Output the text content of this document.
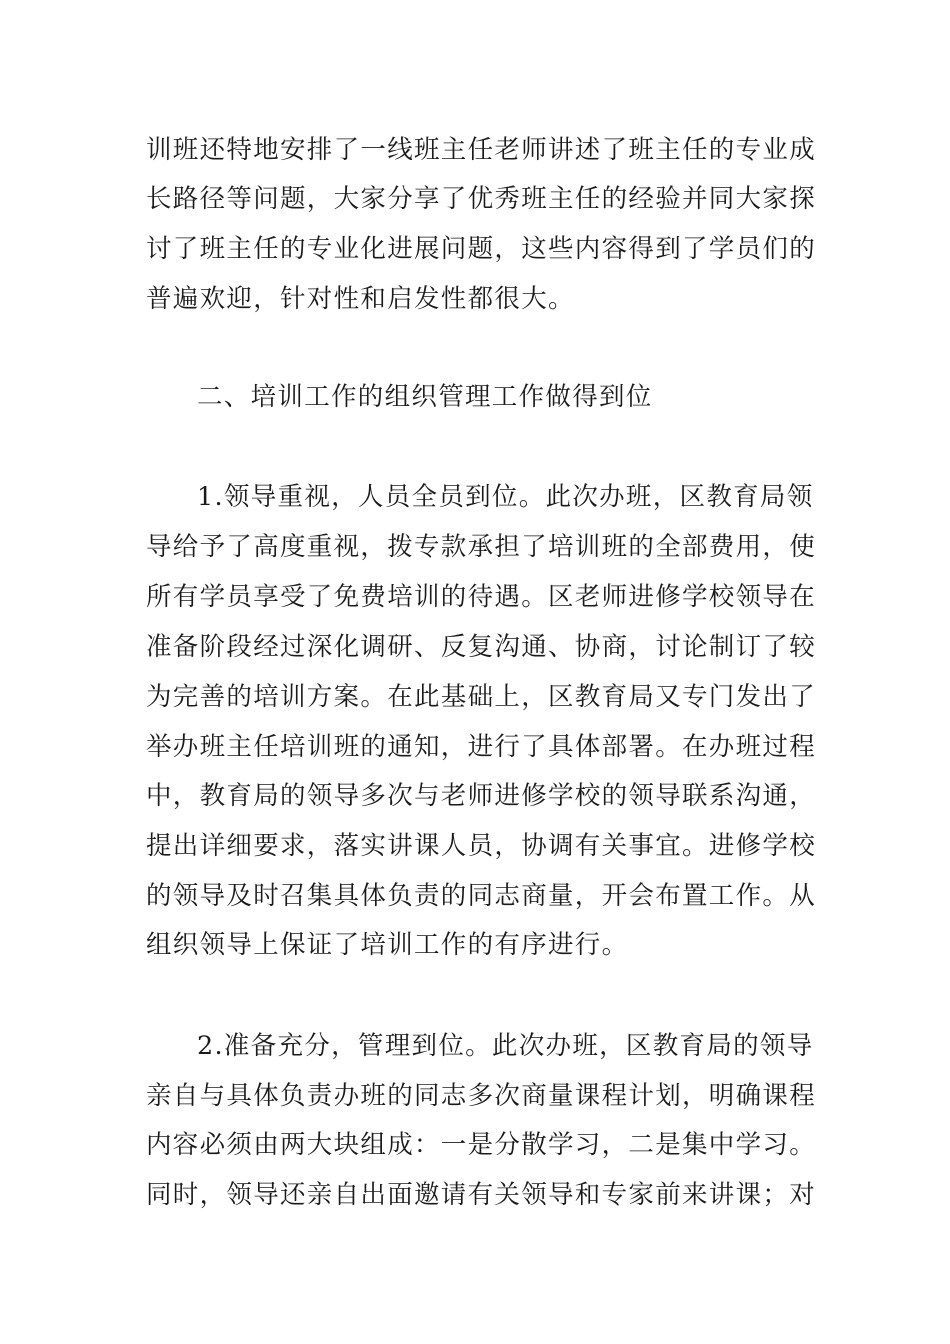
训班还特地安排了一线班主任老师讲述了班主任的专业成
长路径等问题，大家分享了优秀班主任的经验并同大家探
讨了班主任的专业化进展问题，这些内容得到了学员们的
普遍欢迎，针对性和启发性都很大。
二、培训工作的组织管理工作做得到位
1.领导重视，人员全员到位。此次办班，区教育局领
导给予了高度重视，拨专款承担了培训班的全部费用，使
所有学员享受了免费培训的待遇。区老师进修学校领导在
准备阶段经过深化调研、反复沟通、协商，讨论制订了较
为完善的培训方案。在此基础上，区教育局又专门发出了
举办班主任培训班的通知，进行了具体部署。在办班过程
中，教育局的领导多次与老师进修学校的领导联系沟通，
提出详细要求，落实讲课人员，协调有关事宜。进修学校
的领导及时召集具体负责的同志商量，开会布置工作。从
组织领导上保证了培训工作的有序进行。
2.准备充分，管理到位。此次办班，区教育局的领导
亲自与具体负责办班的同志多次商量课程计划，明确课程
内容必须由两大块组成：一是分散学习，二是集中学习。
同时，领导还亲自出面邀请有关领导和专家前来讲课；对
